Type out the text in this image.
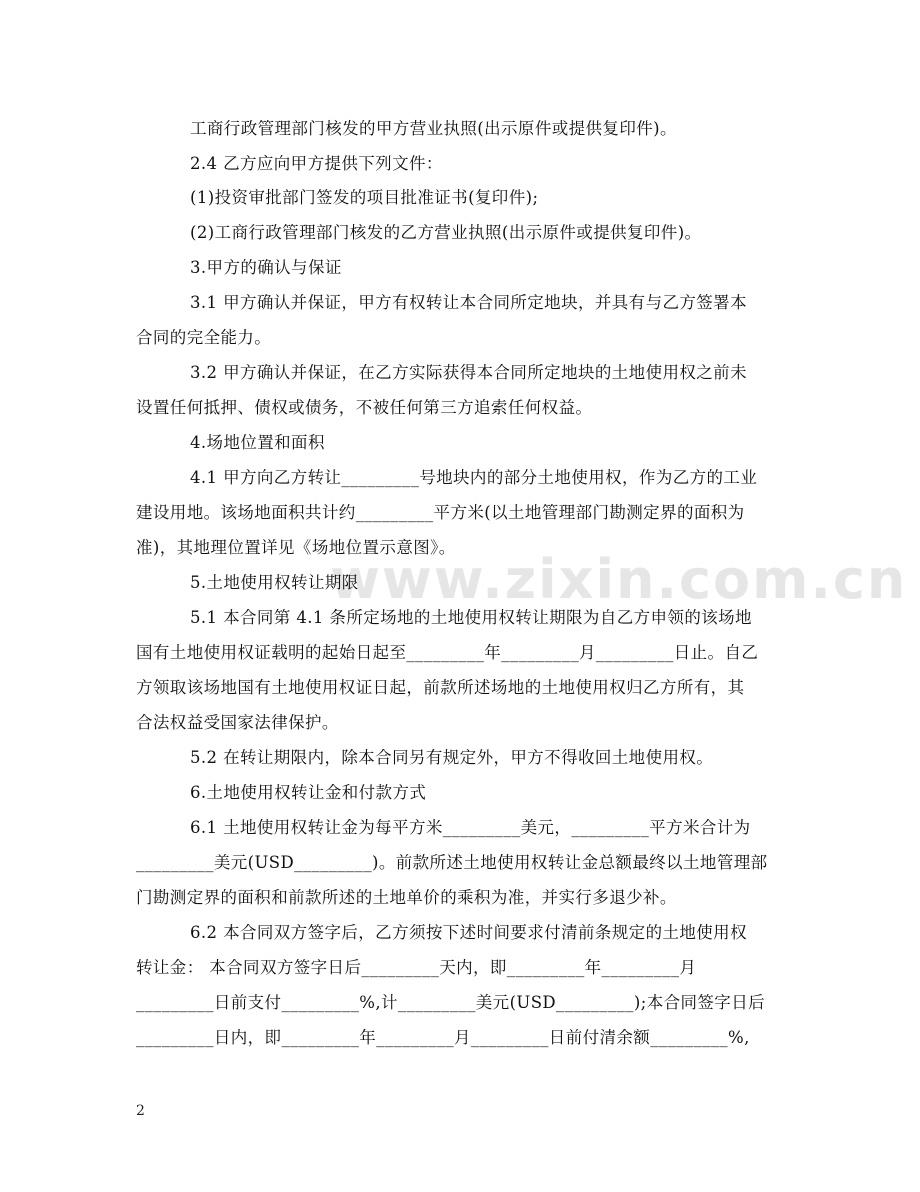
www.zixin.com.cn
工商行政管理部门核发的甲方营业执照(出示原件或提供复印件)。
2.4 乙方应向甲方提供下列文件：
(1)投资审批部门签发的项目批准证书(复印件);
(2)工商行政管理部门核发的乙方营业执照(出示原件或提供复印件)。
3.甲方的确认与保证
3.1 甲方确认并保证，甲方有权转让本合同所定地块，并具有与乙方签署本
合同的完全能力。
3.2 甲方确认并保证，在乙方实际获得本合同所定地块的土地使用权之前未
设置任何抵押、债权或债务，不被任何第三方追索任何权益。
4.场地位置和面积
4.1 甲方向乙方转让_________号地块内的部分土地使用权，作为乙方的工业
建设用地。该场地面积共计约_________平方米(以土地管理部门勘测定界的面积为
准)，其地理位置详见《场地位置示意图》。
5.土地使用权转让期限
5.1 本合同第 4.1 条所定场地的土地使用权转让期限为自乙方申领的该场地
国有土地使用权证载明的起始日起至_________年_________月_________日止。自乙
方领取该场地国有土地使用权证日起，前款所述场地的土地使用权归乙方所有，其
合法权益受国家法律保护。
5.2 在转让期限内，除本合同另有规定外，甲方不得收回土地使用权。
6.土地使用权转让金和付款方式
6.1 土地使用权转让金为每平方米_________美元，_________平方米合计为
_________美元(USD_________)。前款所述土地使用权转让金总额最终以土地管理部
门勘测定界的面积和前款所述的土地单价的乘积为准，并实行多退少补。
6.2 本合同双方签字后，乙方须按下述时间要求付清前条规定的土地使用权
转让金： 本合同双方签字日后_________天内，即_________年_________月
_________日前支付_________%,计_________美元(USD_________);本合同签字日后
_________日内，即_________年_________月_________日前付清余额_________%,
2
